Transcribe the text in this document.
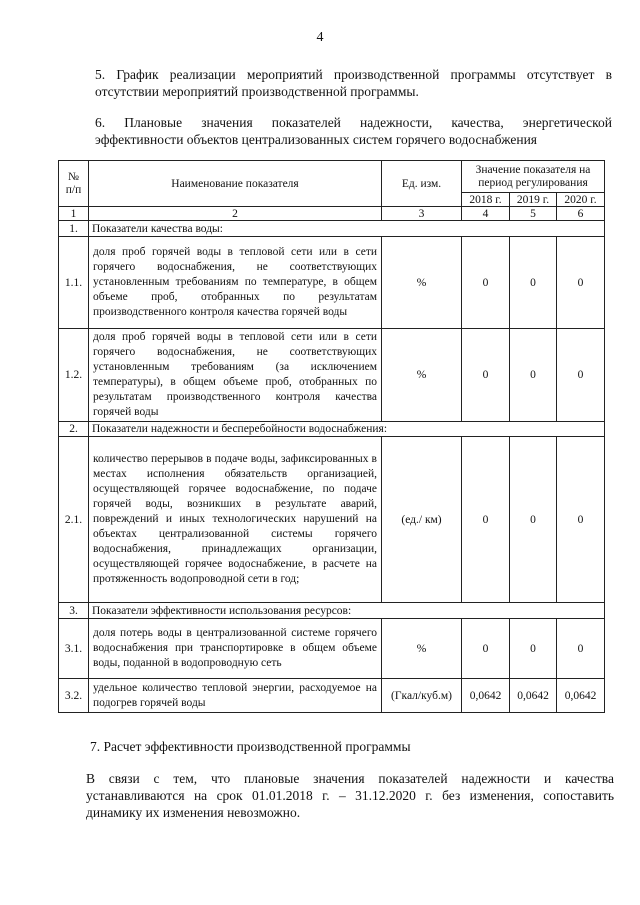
4
5. График реализации мероприятий производственной программы отсутствует в
отсутствии мероприятий производственной программы.
6. Плановые значения показателей надежности, качества, энергетической
эффективности объектов централизованных систем горячего водоснабжения
№ п/п	Наименование показателя	Ед. изм.	Значение показателя на период регулирования		
			2018 г.	2019 г.	2020 г.
1	2	3	4	5	6
1.	Показатели качества воды:				
1.1.	доля проб горячей воды в тепловой сети или в сети горячего водоснабжения, не соответствующих установленным требованиям по температуре, в общем объеме проб, отобранных по результатам производственного контроля качества горячей воды	%	0	0	0
1.2.	доля проб горячей воды в тепловой сети или в сети горячего водоснабжения, не соответствующих установленным требованиям (за исключением температуры), в общем объеме проб, отобранных по результатам производственного контроля качества горячей воды	%	0	0	0
2.	Показатели надежности и бесперебойности водоснабжения:				
2.1.	количество перерывов в подаче воды, зафиксированных в местах исполнения обязательств организацией, осуществляющей горячее водоснабжение, по подаче горячей воды, возникших в результате аварий, повреждений и иных технологических нарушений на объектах централизованной системы горячего водоснабжения, принадлежащих организации, осуществляющей горячее водоснабжение, в расчете на протяженность водопроводной сети в год;	(ед./ км)	0	0	0
3.	Показатели эффективности использования ресурсов:				
3.1.	доля потерь воды в централизованной системе горячего водоснабжения при транспортировке в общем объеме воды, поданной в водопроводную сеть	%	0	0	0
3.2.	удельное количество тепловой энергии, расходуемое на подогрев горячей воды	(Гкал/куб.м)	0,0642	0,0642	0,0642
7. Расчет эффективности производственной программы
В связи с тем, что плановые значения показателей надежности и качества
устанавливаются на срок 01.01.2018 г. – 31.12.2020 г. без изменения, сопоставить
динамику их изменения невозможно.
